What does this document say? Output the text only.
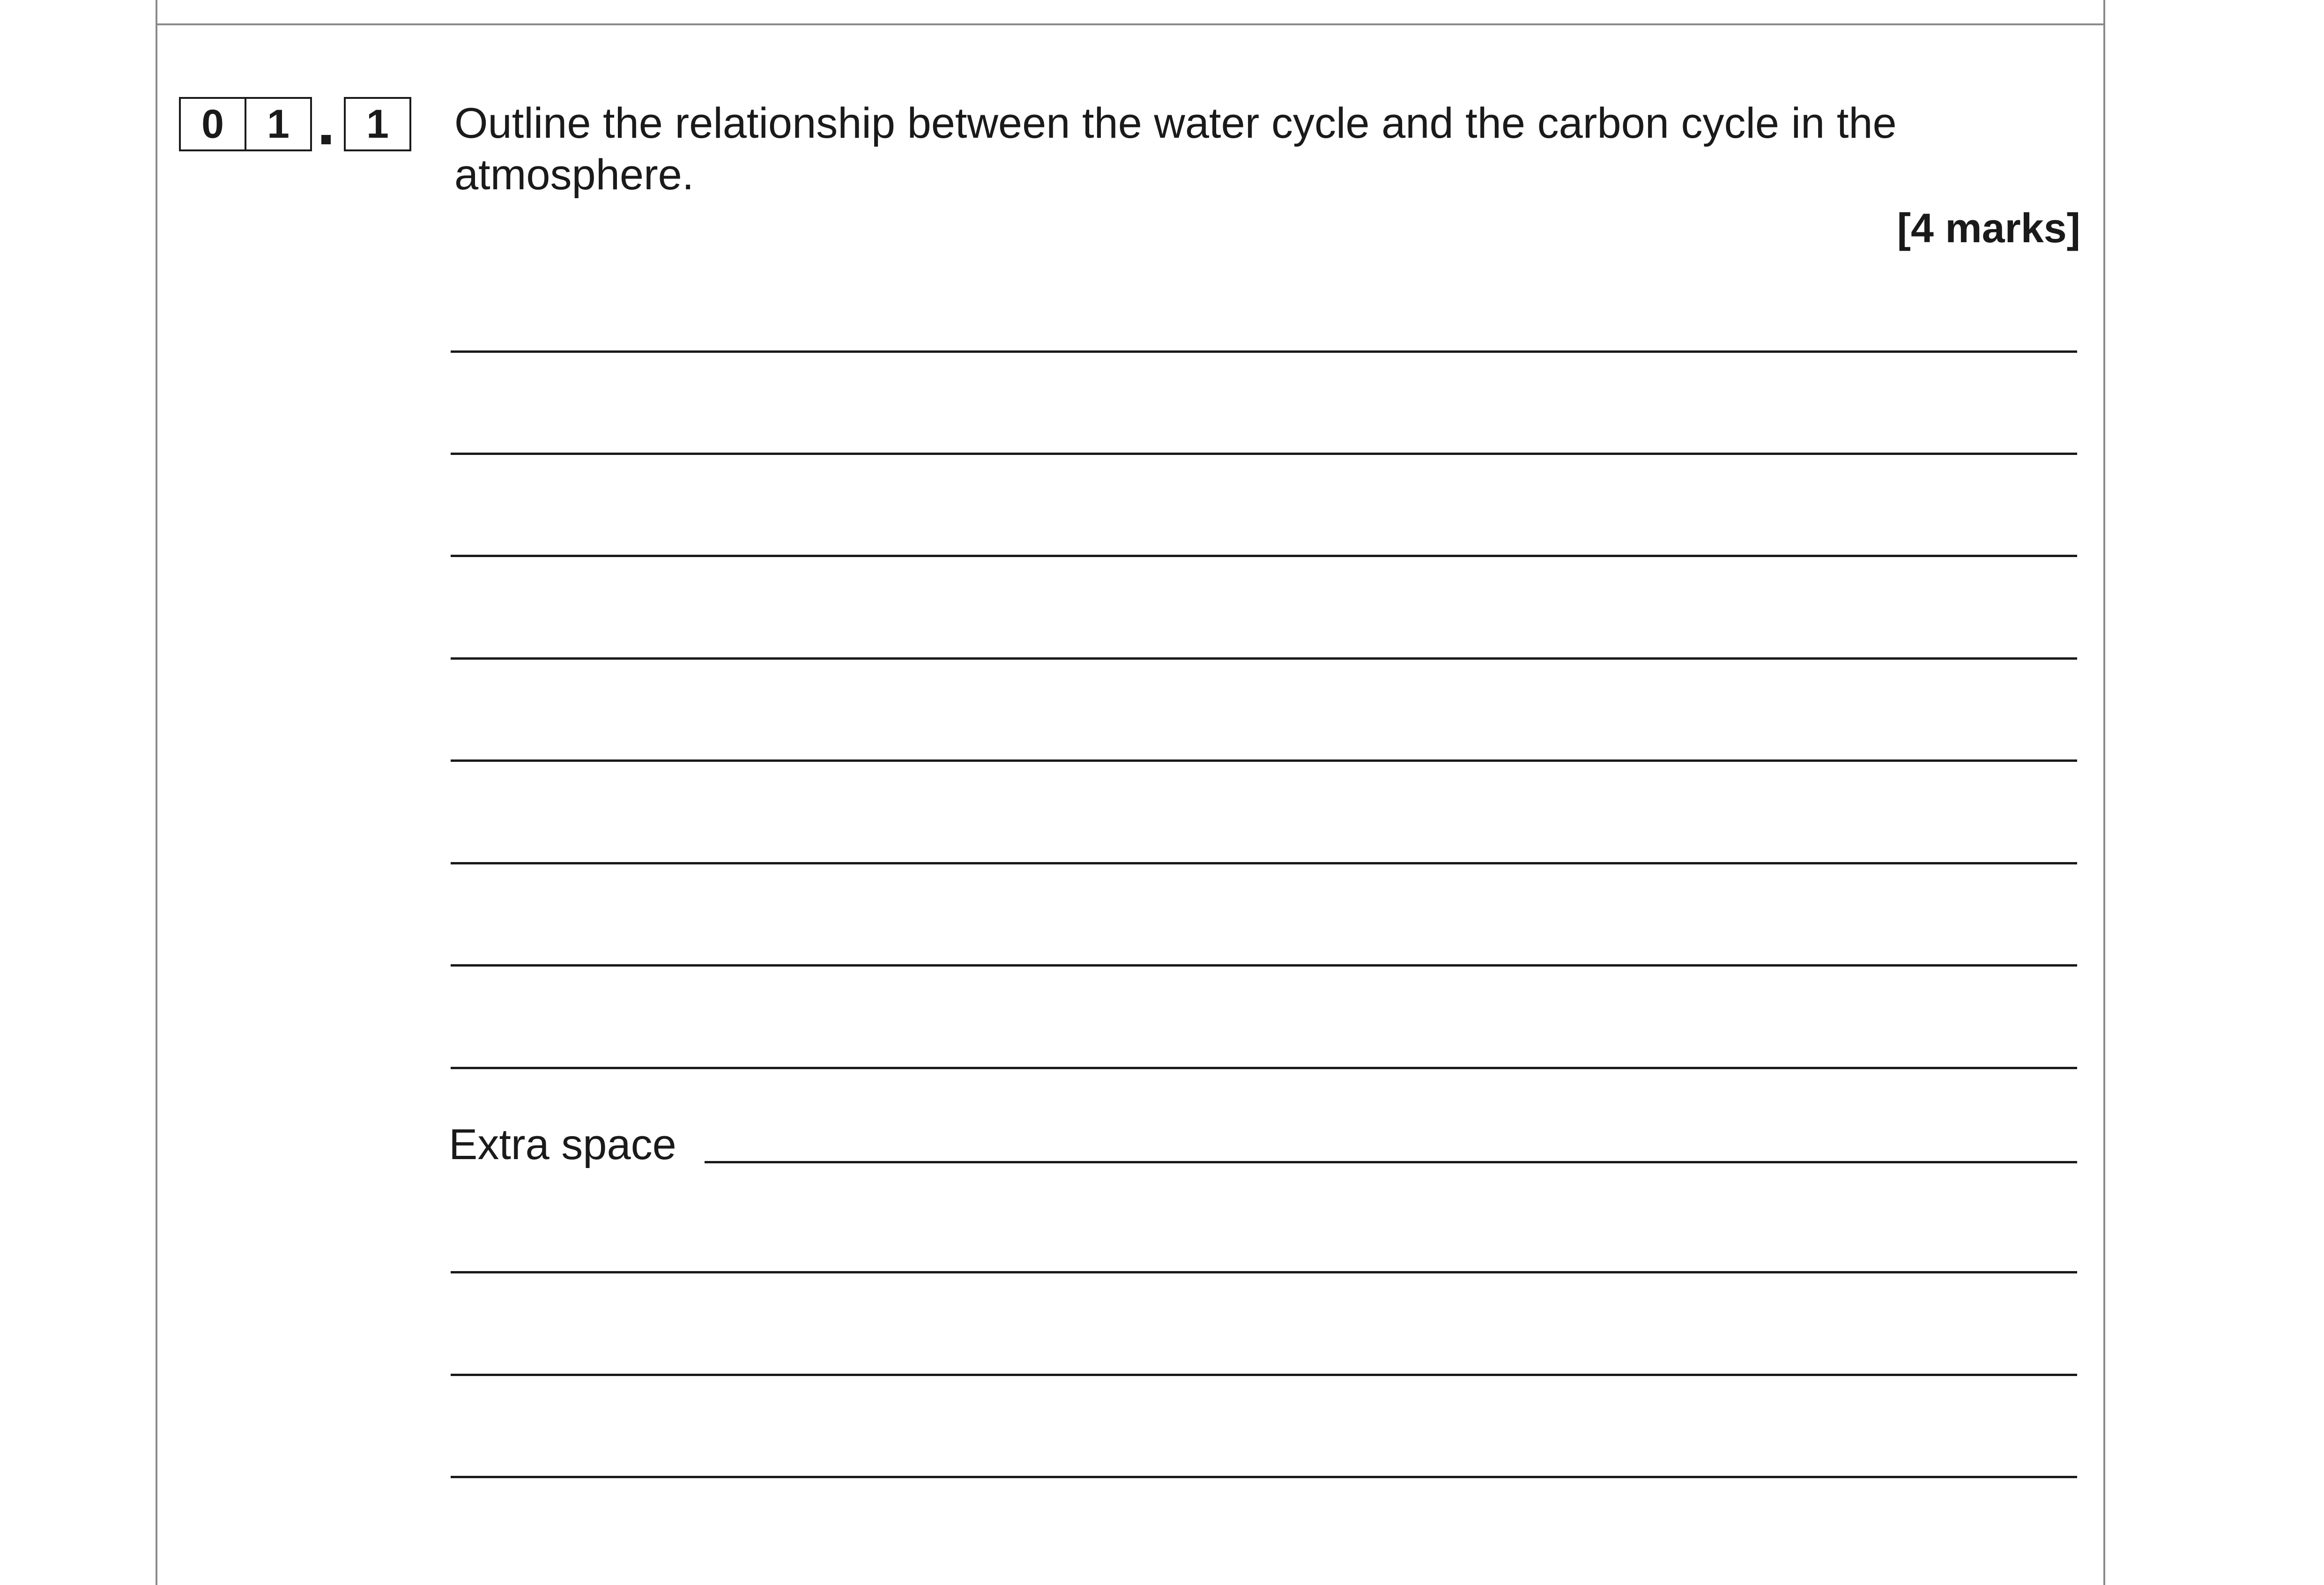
0	1	1 Outline the relationship between the water cycle and the carbon cycle in the atmosphere.
[4 marks]
Extra space
